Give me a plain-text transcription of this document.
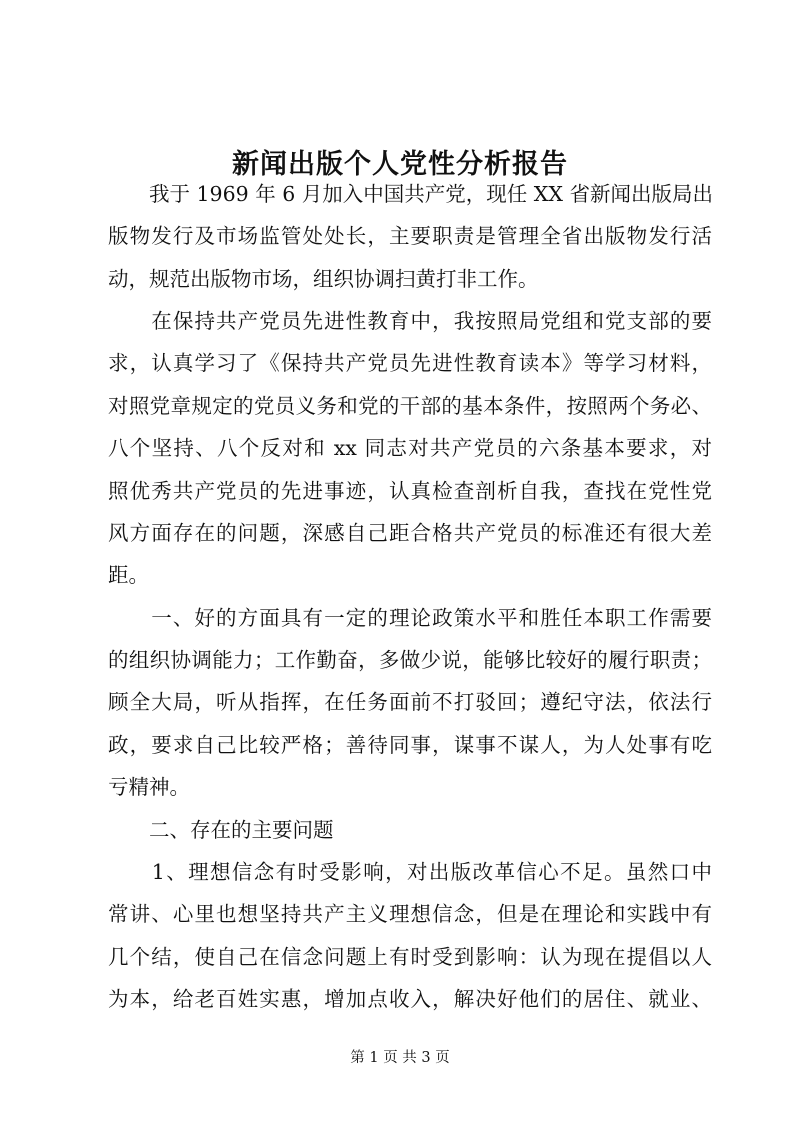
新闻出版个人党性分析报告

　　我于 1969 年 6 月加入中国共产党，现任 XX 省新闻出版局出

版物发行及市场监管处处长，主要职责是管理全省出版物发行活

动，规范出版物市场，组织协调扫黄打非工作。

　　在保持共产党员先进性教育中，我按照局党组和党支部的要

求，认真学习了《保持共产党员先进性教育读本》等学习材料，

对照党章规定的党员义务和党的干部的基本条件，按照两个务必、

八个坚持、八个反对和 xx 同志对共产党员的六条基本要求，对

照优秀共产党员的先进事迹，认真检查剖析自我，查找在党性党

风方面存在的问题，深感自己距合格共产党员的标准还有很大差

距。

　　一、好的方面具有一定的理论政策水平和胜任本职工作需要

的组织协调能力；工作勤奋，多做少说，能够比较好的履行职责；

顾全大局，听从指挥，在任务面前不打驳回；遵纪守法，依法行

政，要求自己比较严格；善待同事，谋事不谋人，为人处事有吃

亏精神。

　　二、存在的主要问题

　　1、理想信念有时受影响，对出版改革信心不足。虽然口中

常讲、心里也想坚持共产主义理想信念，但是在理论和实践中有

几个结，使自己在信念问题上有时受到影响：认为现在提倡以人

为本，给老百姓实惠，增加点收入，解决好他们的居住、就业、

第 1 页 共 3 页
